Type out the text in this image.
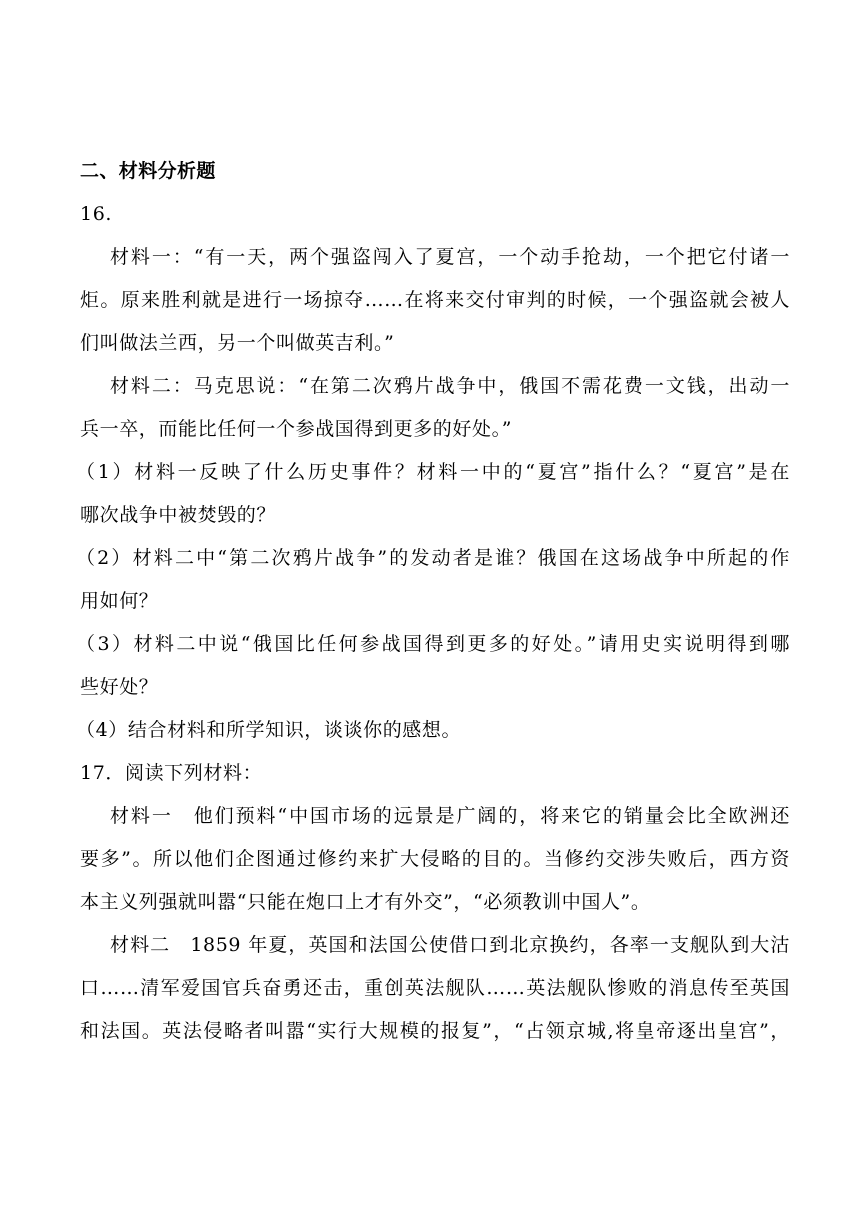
二、材料分析题
16.
材料一：“有一天，两个强盗闯入了夏宫，一个动手抢劫，一个把它付诸一
炬。原来胜利就是进行一场掠夺……在将来交付审判的时候，一个强盗就会被人
们叫做法兰西，另一个叫做英吉利。”
材料二：马克思说：“在第二次鸦片战争中，俄国不需花费一文钱，出动一
兵一卒，而能比任何一个参战国得到更多的好处。”
（1）材料一反映了什么历史事件？材料一中的“夏宫”指什么？“夏宫”是在
哪次战争中被焚毁的？
（2）材料二中“第二次鸦片战争”的发动者是谁？俄国在这场战争中所起的作
用如何？
（3）材料二中说“俄国比任何参战国得到更多的好处。”请用史实说明得到哪
些好处？
（4）结合材料和所学知识，谈谈你的感想。
17．阅读下列材料：
材料一　他们预料“中国市场的远景是广阔的，将来它的销量会比全欧洲还
要多”。所以他们企图通过修约来扩大侵略的目的。当修约交涉失败后，西方资
本主义列强就叫嚣“只能在炮口上才有外交”，“必须教训中国人”。
材料二　1859 年夏，英国和法国公使借口到北京换约，各率一支舰队到大沽
口……清军爱国官兵奋勇还击，重创英法舰队……英法舰队惨败的消息传至英国
和法国。英法侵略者叫嚣“实行大规模的报复”，“占领京城,将皇帝逐出皇宫”，
